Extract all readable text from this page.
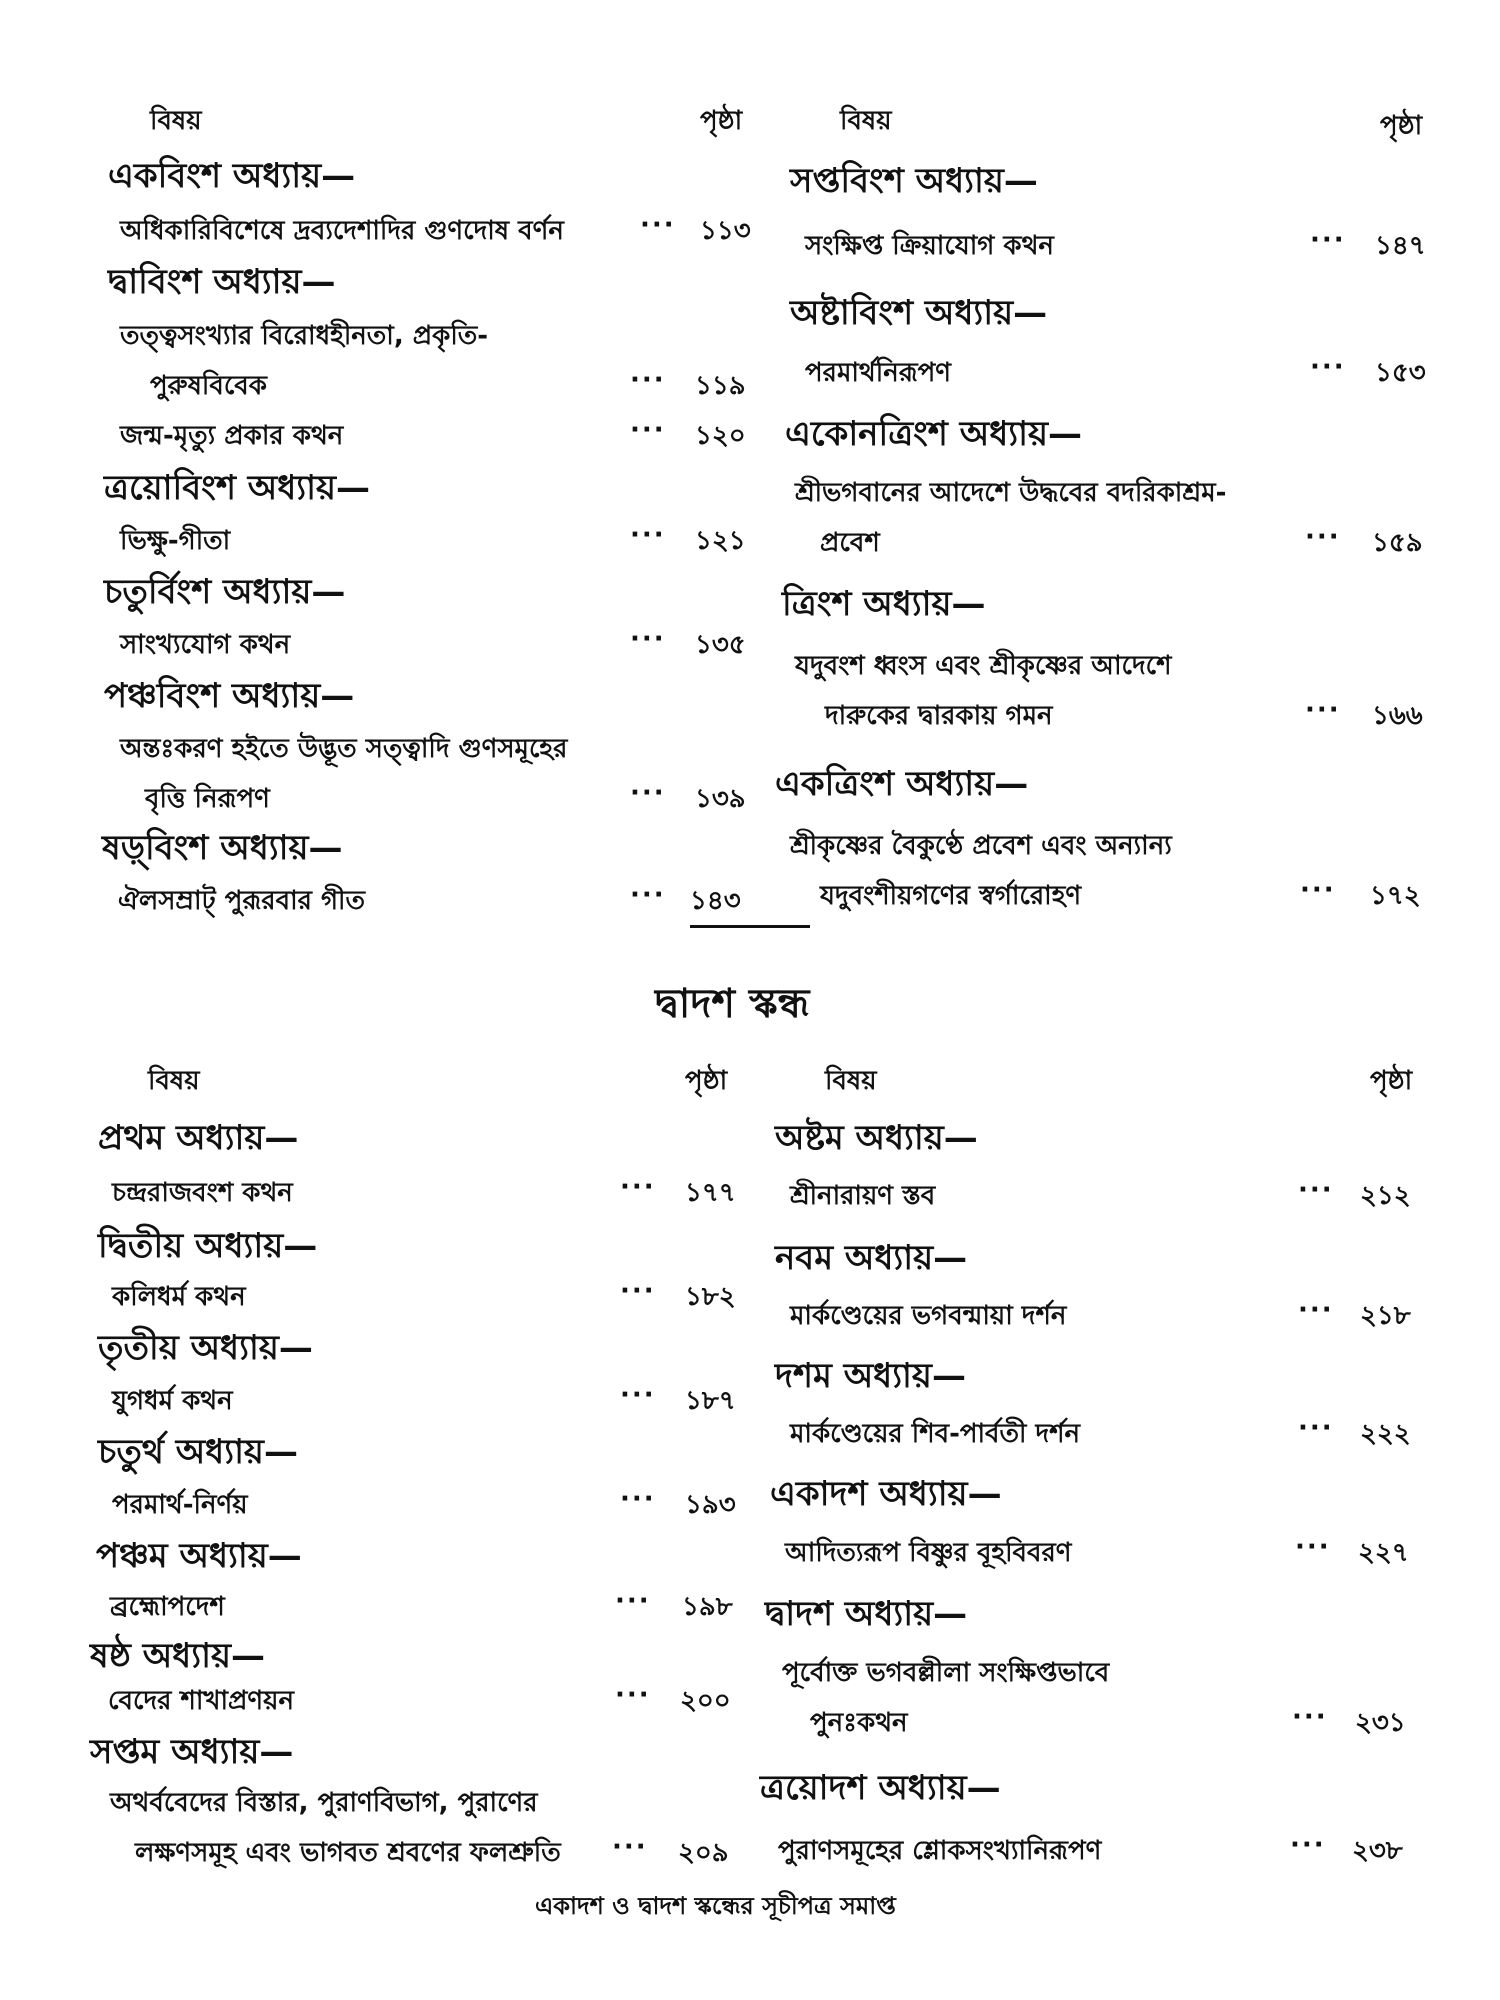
বিষয়	পৃষ্ঠা
একবিংশ অধ্যায়—
অধিকারিবিশেষে দ্রব্যদেশাদির গুণদোষ বর্ণন	··· ১১৩
দ্বাবিংশ অধ্যায়—
তত্ত্বসংখ্যার বিরোধহীনতা, প্রকৃতি-
পুরুষবিবেক	··· ১১৯
জন্ম-মৃত্যু প্রকার কথন	··· ১২০
ত্রয়োবিংশ অধ্যায়—
ভিক্ষু-গীতা	··· ১২১
চতুর্বিংশ অধ্যায়—
সাংখ্যযোগ কথন	··· ১৩৫
পঞ্চবিংশ অধ্যায়—
অন্তঃকরণ হইতে উদ্ভূত সত্ত্বাদি গুণসমূহের
বৃত্তি নিরূপণ	··· ১৩৯
ষড়্‌বিংশ অধ্যায়—
ঐলসম্রাট্ পুরূরবার গীত	··· ১৪৩
বিষয়	পৃষ্ঠা
সপ্তবিংশ অধ্যায়—
সংক্ষিপ্ত ক্রিয়াযোগ কথন	··· ১৪৭
অষ্টাবিংশ অধ্যায়—
পরমার্থনিরূপণ	··· ১৫৩
একোনত্রিংশ অধ্যায়—
শ্রীভগবানের আদেশে উদ্ধবের বদরিকাশ্রম-
প্রবেশ	··· ১৫৯
ত্রিংশ অধ্যায়—
যদুবংশ ধ্বংস এবং শ্রীকৃষ্ণের আদেশে
দারুকের দ্বারকায় গমন	··· ১৬৬
একত্রিংশ অধ্যায়—
শ্রীকৃষ্ণের বৈকুণ্ঠে প্রবেশ এবং অন্যান্য
যদুবংশীয়গণের স্বর্গারোহণ	··· ১৭২
দ্বাদশ স্কন্ধ
বিষয়	পৃষ্ঠা
প্রথম অধ্যায়—
চন্দ্ররাজবংশ কথন	··· ১৭৭
দ্বিতীয় অধ্যায়—
কলিধর্ম কথন	··· ১৮২
তৃতীয় অধ্যায়—
যুগধর্ম কথন	··· ১৮৭
চতুর্থ অধ্যায়—
পরমার্থ-নির্ণয়	··· ১৯৩
পঞ্চম অধ্যায়—
ব্রহ্মোপদেশ	··· ১৯৮
ষষ্ঠ অধ্যায়—
বেদের শাখাপ্রণয়ন	··· ২০০
সপ্তম অধ্যায়—
অথর্ববেদের বিস্তার, পুরাণবিভাগ, পুরাণের
লক্ষণসমূহ এবং ভাগবত শ্রবণের ফলশ্রুতি ··· ২০৯
বিষয়	পৃষ্ঠা
অষ্টম অধ্যায়—
শ্রীনারায়ণ স্তব	··· ২১২
নবম অধ্যায়—
মার্কণ্ডেয়ের ভগবন্মায়া দর্শন	··· ২১৮
দশম অধ্যায়—
মার্কণ্ডেয়ের শিব-পার্বতী দর্শন	··· ২২২
একাদশ অধ্যায়—
আদিত্যরূপ বিষ্ণুর বূহবিবরণ	··· ২২৭
দ্বাদশ অধ্যায়—
পূর্বোক্ত ভগবল্লীলা সংক্ষিপ্তভাবে
পুনঃকথন	··· ২৩১
ত্রয়োদশ অধ্যায়—
পুরাণসমূহের শ্লোকসংখ্যানিরূপণ	··· ২৩৮
একাদশ ও দ্বাদশ স্কন্ধের সূচীপত্র সমাপ্ত
